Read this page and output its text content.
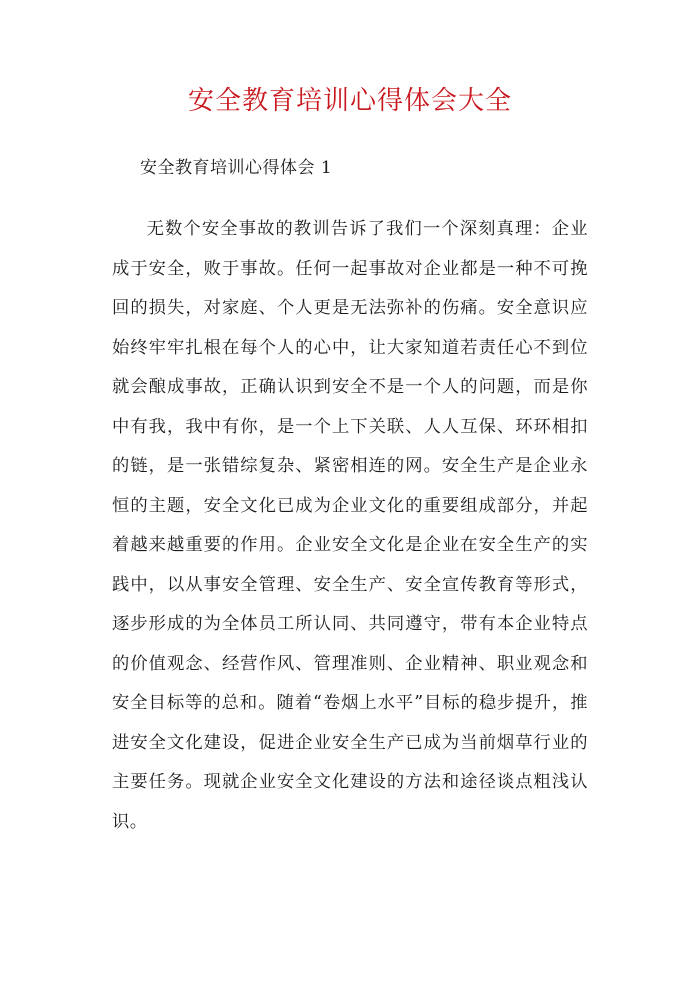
安全教育培训心得体会大全

安全教育培训心得体会 1

无数个安全事故的教训告诉了我们一个深刻真理：企业成于安全，败于事故。任何一起事故对企业都是一种不可挽回的损失，对家庭、个人更是无法弥补的伤痛。安全意识应始终牢牢扎根在每个人的心中，让大家知道若责任心不到位就会酿成事故，正确认识到安全不是一个人的问题，而是你中有我，我中有你，是一个上下关联、人人互保、环环相扣的链，是一张错综复杂、紧密相连的网。安全生产是企业永恒的主题，安全文化已成为企业文化的重要组成部分，并起着越来越重要的作用。企业安全文化是企业在安全生产的实践中，以从事安全管理、安全生产、安全宣传教育等形式，逐步形成的为全体员工所认同、共同遵守，带有本企业特点的价值观念、经营作风、管理准则、企业精神、职业观念和安全目标等的总和。随着“卷烟上水平”目标的稳步提升，推进安全文化建设，促进企业安全生产已成为当前烟草行业的主要任务。现就企业安全文化建设的方法和途径谈点粗浅认识。
